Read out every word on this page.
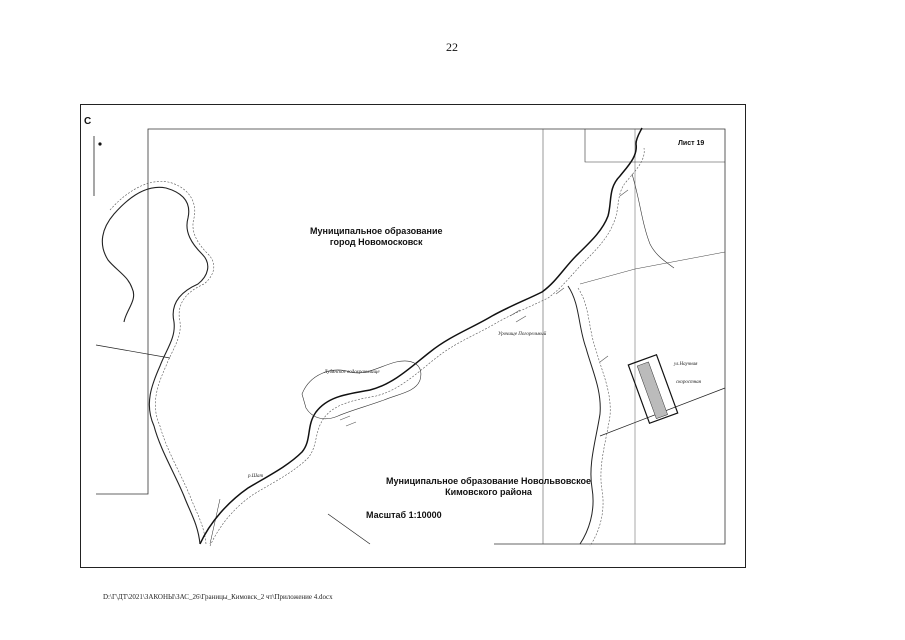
22
С
Лист 19
Муниципальное образование
город Новомосковск
Муниципальное образование Новольвовское
Кимовского района
Масштаб 1:10000
ул.Научная
скоростная
Лубянское водохранилище
Урочище Погорельный
р.Шат
D:\Г\ДТ\2021\ЗАКОНЫ\ЗАС_26\Границы_Кимовск_2 чт\Приложение 4.docx
